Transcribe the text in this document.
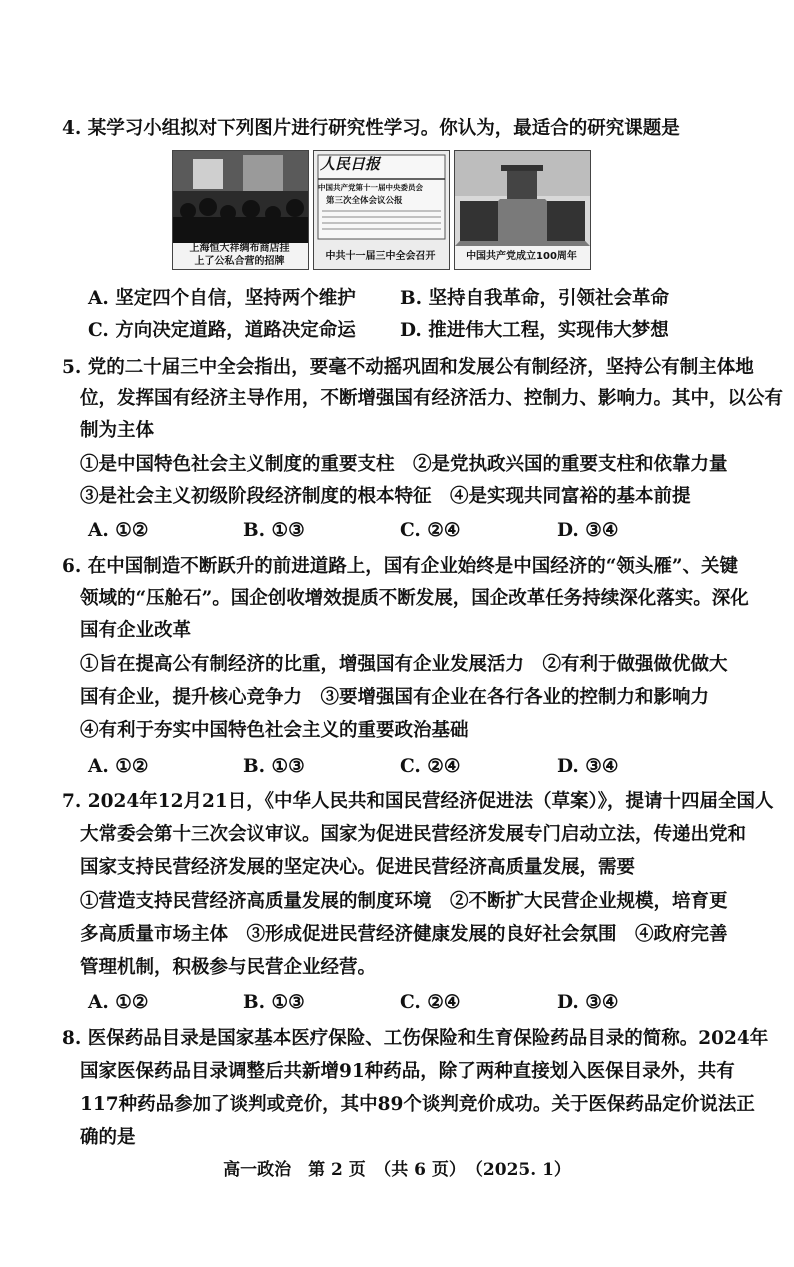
4. 某学习小组拟对下列图片进行研究性学习。你认为，最适合的研究课题是
上海恒大祥绸布商店挂
上了公私合营的招牌
人民日报
中国共产党第十一届中央委员会
第三次全体会议公报
中共十一届三中全会召开	中国共产党成立100周年
A. 坚定四个自信，坚持两个维护 B. 坚持自我革命，引领社会革命
C. 方向决定道路，道路决定命运 D. 推进伟大工程，实现伟大梦想
5. 党的二十届三中全会指出，要毫不动摇巩固和发展公有制经济，坚持公有制主体地
位，发挥国有经济主导作用，不断增强国有经济活力、控制力、影响力。其中，以公有
制为主体
①是中国特色社会主义制度的重要支柱　②是党执政兴国的重要支柱和依靠力量
③是社会主义初级阶段经济制度的根本特征　④是实现共同富裕的基本前提
A. ①②	B. ①③	C. ②④	D. ③④
6. 在中国制造不断跃升的前进道路上，国有企业始终是中国经济的“领头雁”、关键
领域的“压舱石”。国企创收增效提质不断发展，国企改革任务持续深化落实。深化
国有企业改革
①旨在提高公有制经济的比重，增强国有企业发展活力　②有利于做强做优做大
国有企业，提升核心竞争力　③要增强国有企业在各行各业的控制力和影响力
④有利于夯实中国特色社会主义的重要政治基础
A. ①②	B. ①③	C. ②④	D. ③④
7. 2024年12月21日，《中华人民共和国民营经济促进法（草案）》，提请十四届全国人
大常委会第十三次会议审议。国家为促进民营经济发展专门启动立法，传递出党和
国家支持民营经济发展的坚定决心。促进民营经济高质量发展，需要
①营造支持民营经济高质量发展的制度环境　②不断扩大民营企业规模，培育更
多高质量市场主体　③形成促进民营经济健康发展的良好社会氛围　④政府完善
管理机制，积极参与民营企业经营。
A. ①②	B. ①③	C. ②④	D. ③④
8. 医保药品目录是国家基本医疗保险、工伤保险和生育保险药品目录的简称。2024年
国家医保药品目录调整后共新增91种药品，除了两种直接划入医保目录外，共有
117种药品参加了谈判或竞价，其中89个谈判竞价成功。关于医保药品定价说法正
确的是
高一政治　第 2 页　（共 6 页）　（2025. 1）
